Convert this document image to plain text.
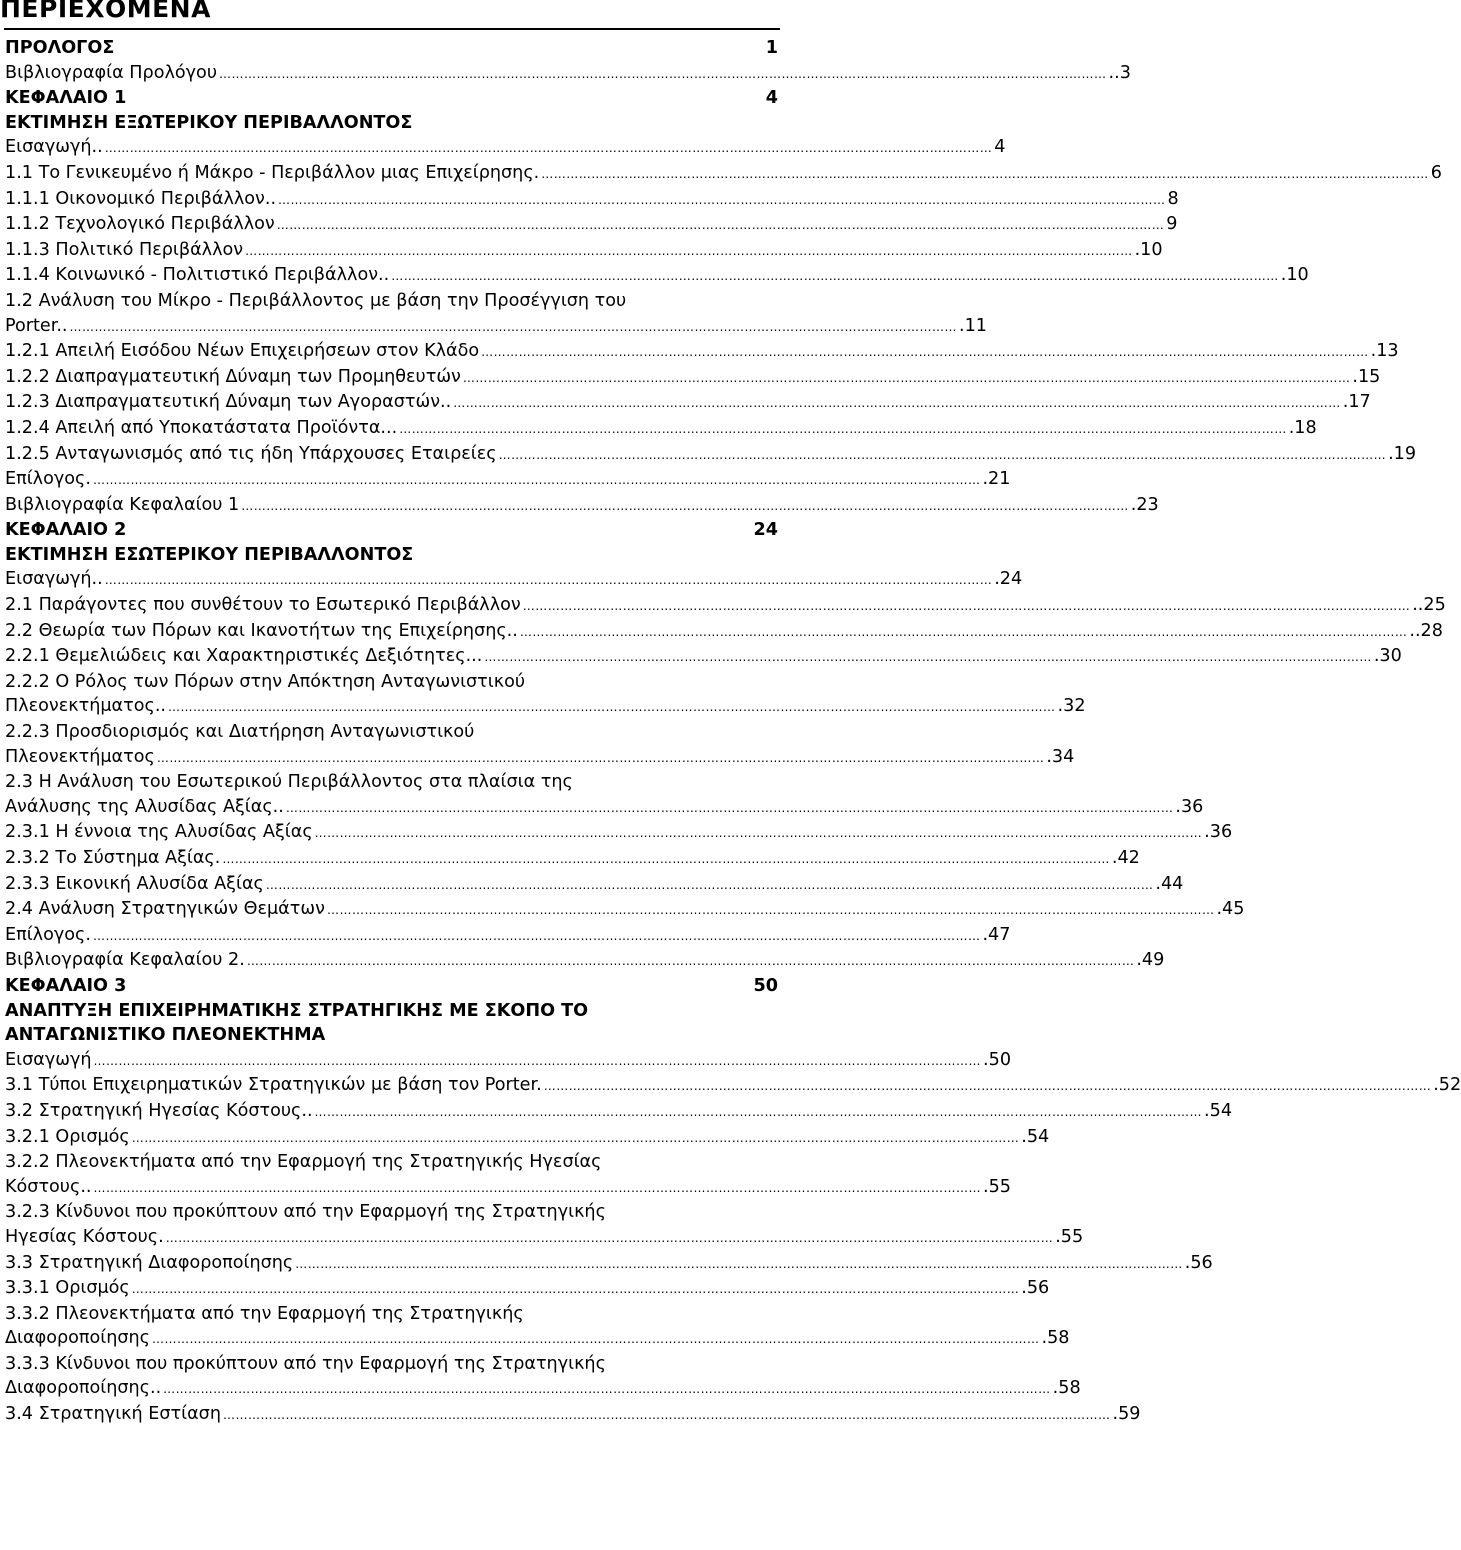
ΠΕΡΙΕΧΟΜΕΝΑ
ΠΡΟΛΟΓΟΣ	1
Βιβλιογραφία Προλόγου ……………………………………………………………………………………………………………………………………………………………………………………………	..3
ΚΕΦΑΛΑΙΟ 1	4
ΕΚΤΙΜΗΣΗ ΕΞΩΤΕΡΙΚΟΥ ΠΕΡΙΒΑΛΛΟΝΤΟΣ
Εισαγωγή.. ……………………………………………………………………………………………………………………………………………………………………………………………	4
1.1 Το Γενικευμένο ή Μάκρο - Περιβάλλον μιας Επιχείρησης. ……………………………………………………………………………………………………………………………………………………………………………………………	6
1.1.1 Οικονομικό Περιβάλλον.. ……………………………………………………………………………………………………………………………………………………………………………………………	8
1.1.2 Τεχνολογικό Περιβάλλον ……………………………………………………………………………………………………………………………………………………………………………………………	9
1.1.3 Πολιτικό Περιβάλλον ……………………………………………………………………………………………………………………………………………………………………………………………	.10
1.1.4 Κοινωνικό - Πολιτιστικό Περιβάλλον.. ……………………………………………………………………………………………………………………………………………………………………………………………	.10
1.2 Ανάλυση του Μίκρο - Περιβάλλοντος με βάση την Προσέγγιση του
Porter.. ……………………………………………………………………………………………………………………………………………………………………………………………	.11
1.2.1 Απειλή Εισόδου Νέων Επιχειρήσεων στον Κλάδο ……………………………………………………………………………………………………………………………………………………………………………………………	.13
1.2.2 Διαπραγματευτική Δύναμη των Προμηθευτών ……………………………………………………………………………………………………………………………………………………………………………………………	.15
1.2.3 Διαπραγματευτική Δύναμη των Αγοραστών.. ……………………………………………………………………………………………………………………………………………………………………………………………	.17
1.2.4 Απειλή από Υποκατάστατα Προϊόντα... ……………………………………………………………………………………………………………………………………………………………………………………………	.18
1.2.5 Ανταγωνισμός από τις ήδη Υπάρχουσες Εταιρείες ……………………………………………………………………………………………………………………………………………………………………………………………	.19
Επίλογος. ……………………………………………………………………………………………………………………………………………………………………………………………	.21
Βιβλιογραφία Κεφαλαίου 1 ……………………………………………………………………………………………………………………………………………………………………………………………	.23
ΚΕΦΑΛΑΙΟ 2	24
ΕΚΤΙΜΗΣΗ ΕΣΩΤΕΡΙΚΟΥ ΠΕΡΙΒΑΛΛΟΝΤΟΣ
Εισαγωγή.. ……………………………………………………………………………………………………………………………………………………………………………………………	.24
2.1 Παράγοντες που συνθέτουν το Εσωτερικό Περιβάλλον ……………………………………………………………………………………………………………………………………………………………………………………………	..25
2.2 Θεωρία των Πόρων και Ικανοτήτων της Επιχείρησης.. ……………………………………………………………………………………………………………………………………………………………………………………………	..28
2.2.1 Θεμελιώδεις και Χαρακτηριστικές Δεξιότητες... ……………………………………………………………………………………………………………………………………………………………………………………………	.30
2.2.2 Ο Ρόλος των Πόρων στην Απόκτηση Ανταγωνιστικού
Πλεονεκτήματος.. ……………………………………………………………………………………………………………………………………………………………………………………………	.32
2.2.3 Προσδιορισμός και Διατήρηση Ανταγωνιστικού
Πλεονεκτήματος ……………………………………………………………………………………………………………………………………………………………………………………………	.34
2.3 Η Ανάλυση του Εσωτερικού Περιβάλλοντος στα πλαίσια της
Ανάλυσης της Αλυσίδας Αξίας.. ……………………………………………………………………………………………………………………………………………………………………………………………	.36
2.3.1 Η έννοια της Αλυσίδας Αξίας ……………………………………………………………………………………………………………………………………………………………………………………………	.36
2.3.2 Το Σύστημα Αξίας. ……………………………………………………………………………………………………………………………………………………………………………………………	.42
2.3.3 Εικονική Αλυσίδα Αξίας ……………………………………………………………………………………………………………………………………………………………………………………………	.44
2.4 Ανάλυση Στρατηγικών Θεμάτων ……………………………………………………………………………………………………………………………………………………………………………………………	.45
Επίλογος. ……………………………………………………………………………………………………………………………………………………………………………………………	.47
Βιβλιογραφία Κεφαλαίου 2. ……………………………………………………………………………………………………………………………………………………………………………………………	.49
ΚΕΦΑΛΑΙΟ 3	50
ΑΝΑΠΤΥΞΗ ΕΠΙΧΕΙΡΗΜΑΤΙΚΗΣ ΣΤΡΑΤΗΓΙΚΗΣ ΜΕ ΣΚΟΠΟ ΤΟ
ΑΝΤΑΓΩΝΙΣΤΙΚΟ ΠΛΕΟΝΕΚΤΗΜΑ
Εισαγωγή ……………………………………………………………………………………………………………………………………………………………………………………………	.50
3.1 Τύποι Επιχειρηματικών Στρατηγικών με βάση τον Porter. ……………………………………………………………………………………………………………………………………………………………………………………………	.52
3.2 Στρατηγική Ηγεσίας Κόστους.. ……………………………………………………………………………………………………………………………………………………………………………………………	.54
3.2.1 Ορισμός ……………………………………………………………………………………………………………………………………………………………………………………………	.54
3.2.2 Πλεονεκτήματα από την Εφαρμογή της Στρατηγικής Ηγεσίας
Κόστους.. ……………………………………………………………………………………………………………………………………………………………………………………………	.55
3.2.3 Κίνδυνοι που προκύπτουν από την Εφαρμογή της Στρατηγικής
Ηγεσίας Κόστους. ……………………………………………………………………………………………………………………………………………………………………………………………	.55
3.3 Στρατηγική Διαφοροποίησης ……………………………………………………………………………………………………………………………………………………………………………………………	.56
3.3.1 Ορισμός ……………………………………………………………………………………………………………………………………………………………………………………………	.56
3.3.2 Πλεονεκτήματα από την Εφαρμογή της Στρατηγικής
Διαφοροποίησης ……………………………………………………………………………………………………………………………………………………………………………………………	.58
3.3.3 Κίνδυνοι που προκύπτουν από την Εφαρμογή της Στρατηγικής
Διαφοροποίησης.. ……………………………………………………………………………………………………………………………………………………………………………………………	.58
3.4 Στρατηγική Εστίαση ……………………………………………………………………………………………………………………………………………………………………………………………	.59
